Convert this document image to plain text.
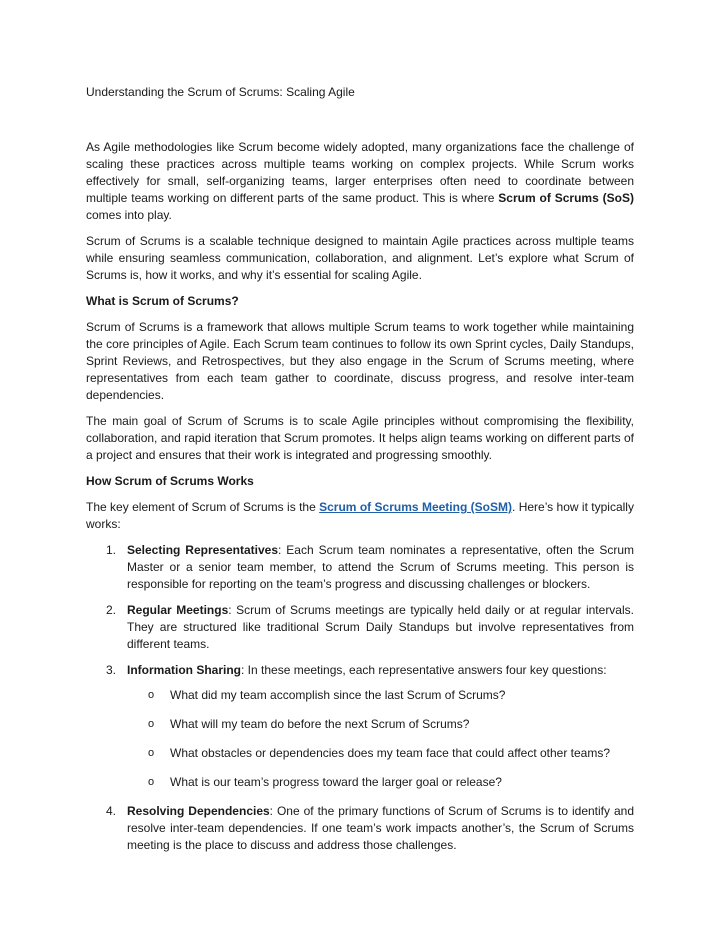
Understanding the Scrum of Scrums: Scaling Agile

As Agile methodologies like Scrum become widely adopted, many organizations face the challenge of scaling these practices across multiple teams working on complex projects. While Scrum works effectively for small, self-organizing teams, larger enterprises often need to coordinate between multiple teams working on different parts of the same product. This is where Scrum of Scrums (SoS) comes into play.

Scrum of Scrums is a scalable technique designed to maintain Agile practices across multiple teams while ensuring seamless communication, collaboration, and alignment. Let’s explore what Scrum of Scrums is, how it works, and why it’s essential for scaling Agile.

What is Scrum of Scrums?

Scrum of Scrums is a framework that allows multiple Scrum teams to work together while maintaining the core principles of Agile. Each Scrum team continues to follow its own Sprint cycles, Daily Standups, Sprint Reviews, and Retrospectives, but they also engage in the Scrum of Scrums meeting, where representatives from each team gather to coordinate, discuss progress, and resolve inter-team dependencies.

The main goal of Scrum of Scrums is to scale Agile principles without compromising the flexibility, collaboration, and rapid iteration that Scrum promotes. It helps align teams working on different parts of a project and ensures that their work is integrated and progressing smoothly.

How Scrum of Scrums Works

The key element of Scrum of Scrums is the Scrum of Scrums Meeting (SoSM). Here’s how it typically works:

1. Selecting Representatives: Each Scrum team nominates a representative, often the Scrum Master or a senior team member, to attend the Scrum of Scrums meeting. This person is responsible for reporting on the team’s progress and discussing challenges or blockers.
2. Regular Meetings: Scrum of Scrums meetings are typically held daily or at regular intervals. They are structured like traditional Scrum Daily Standups but involve representatives from different teams.
3. Information Sharing: In these meetings, each representative answers four key questions:
o What did my team accomplish since the last Scrum of Scrums?
o What will my team do before the next Scrum of Scrums?
o What obstacles or dependencies does my team face that could affect other teams?
o What is our team’s progress toward the larger goal or release?
4. Resolving Dependencies: One of the primary functions of Scrum of Scrums is to identify and resolve inter-team dependencies. If one team’s work impacts another’s, the Scrum of Scrums meeting is the place to discuss and address those challenges.
